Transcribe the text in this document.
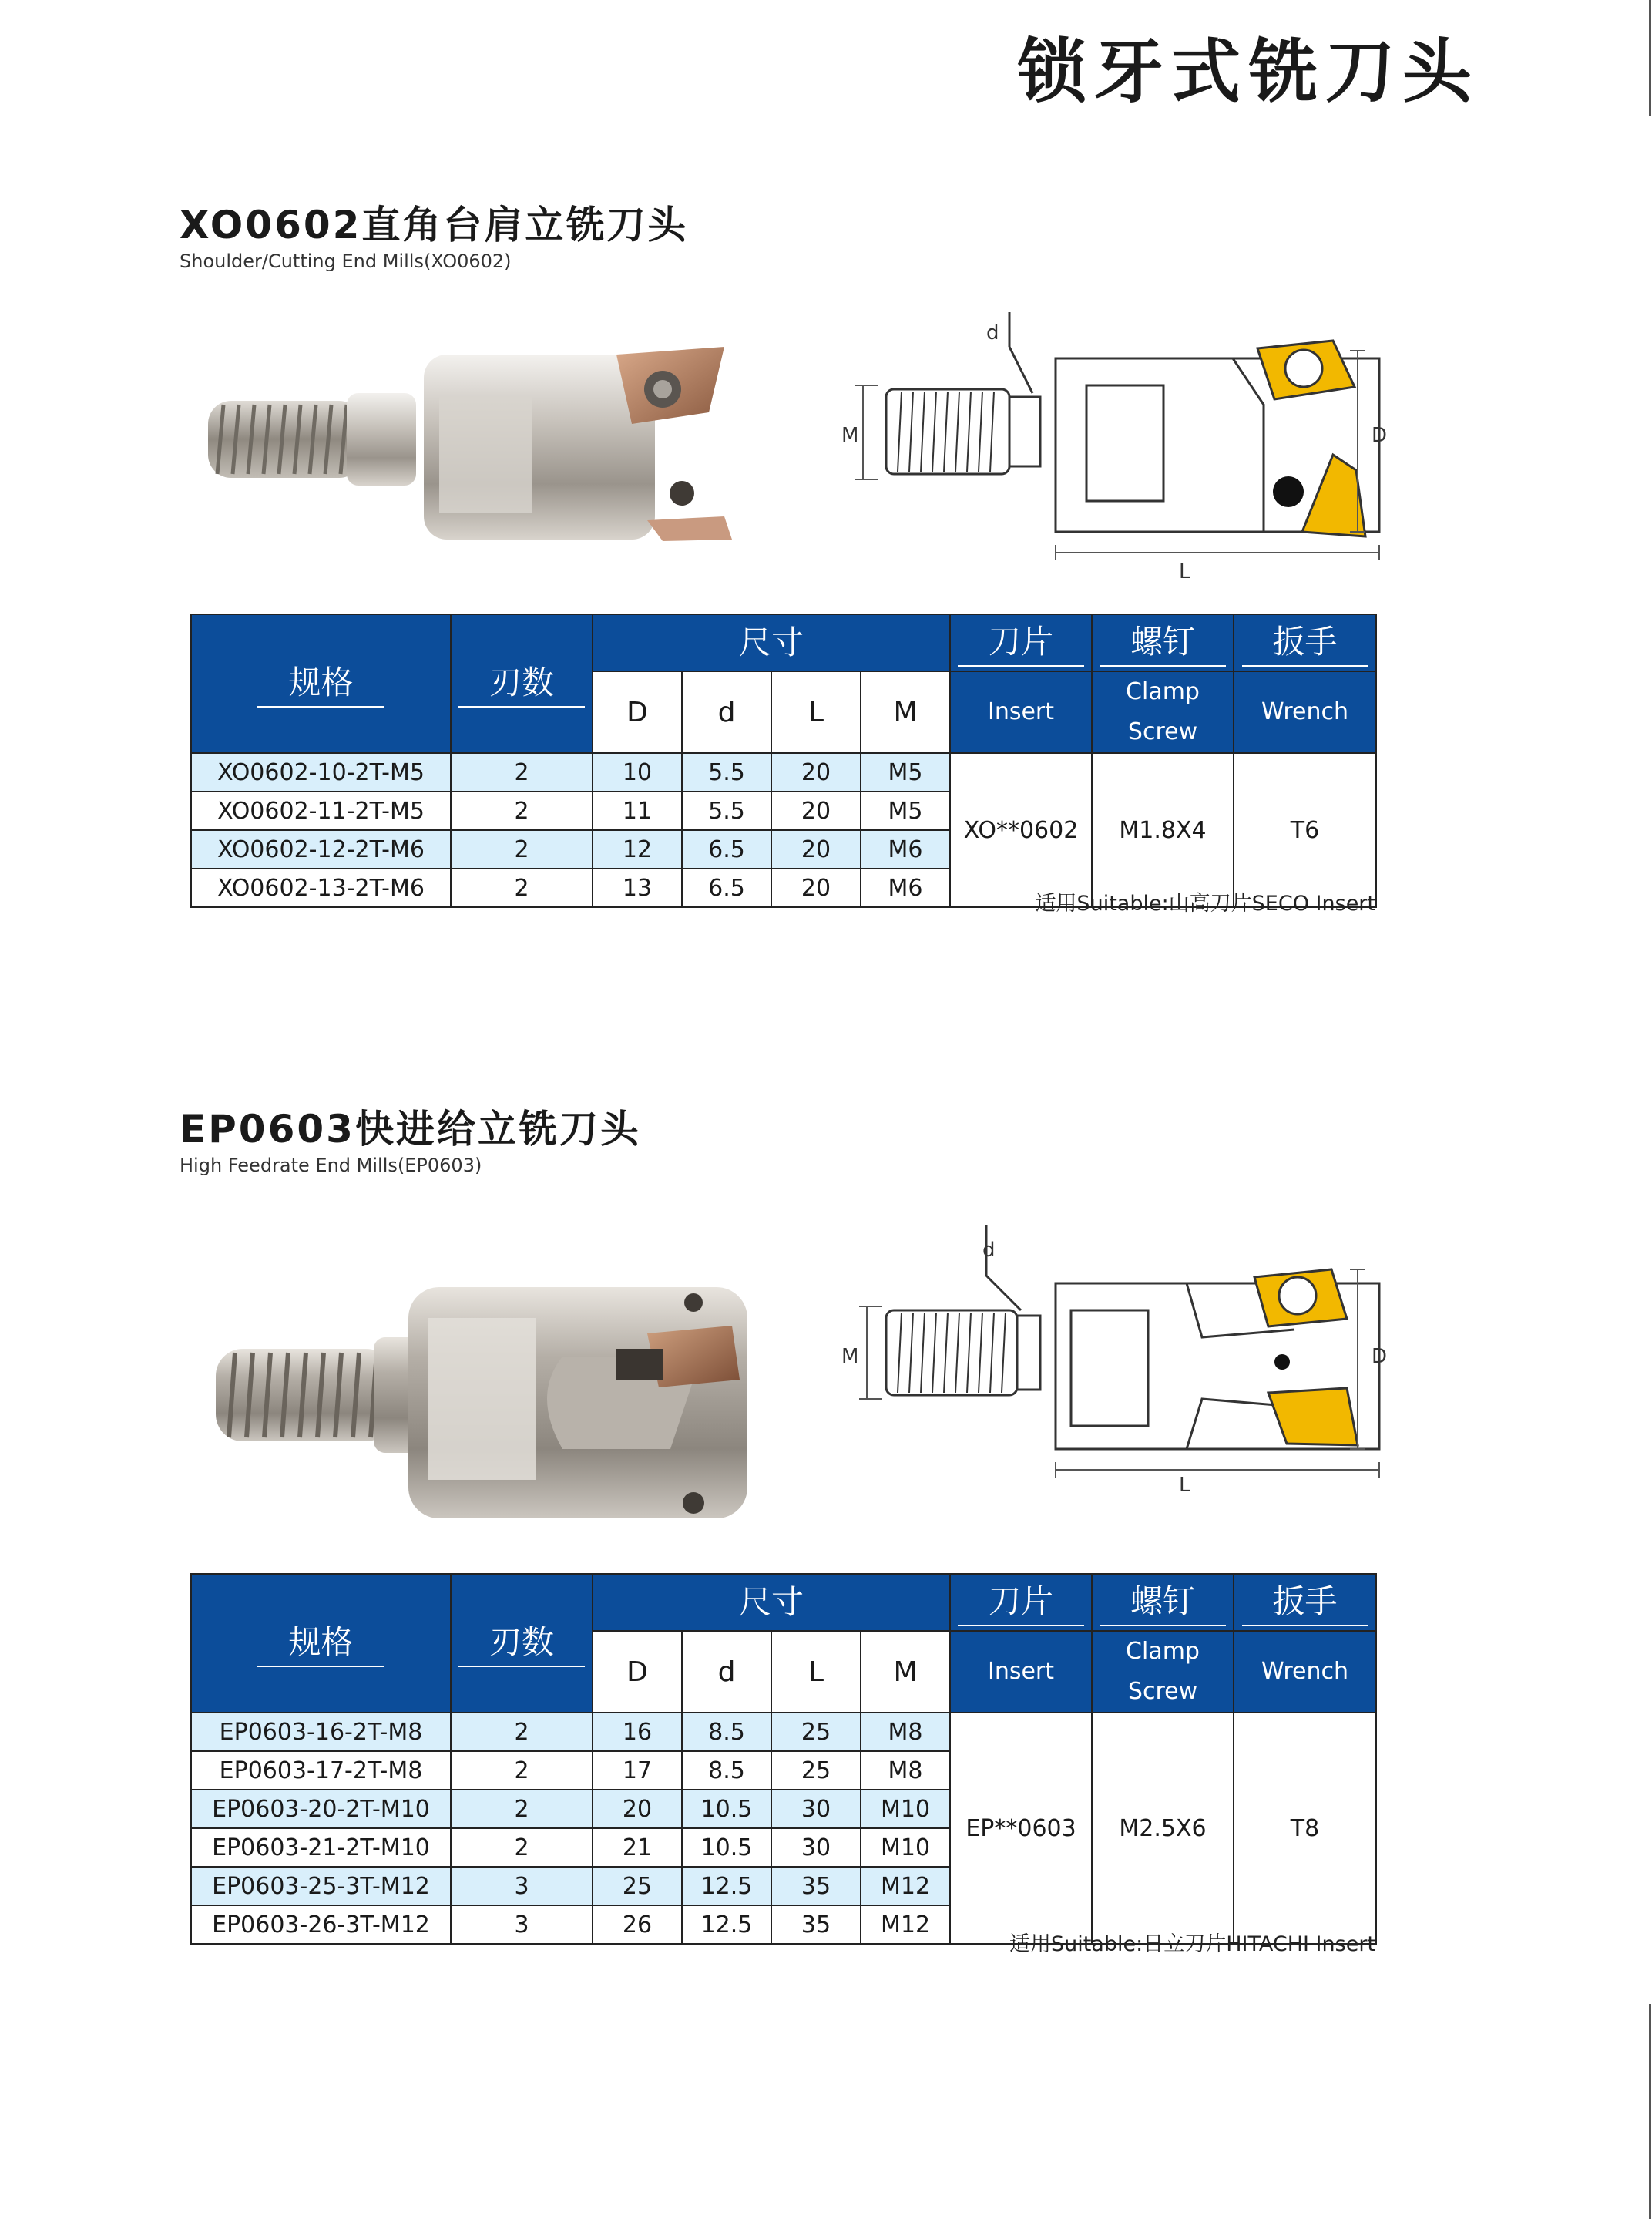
锁牙式铣刀头
XO0602直角台肩立铣刀头
Shoulder/Cutting End Mills(XO0602)
d
M	D
L
规格	刃数	尺寸				刀片	螺钉	扳手
		D	d	L	M	Insert	Clamp Screw	Wrench
XO0602-10-2T-M5	2	10	5.5	20	M5	XO**0602	M1.8X4	T6
XO0602-11-2T-M5	2	11	5.5	20	M5			
XO0602-12-2T-M6	2	12	6.5	20	M6			
XO0602-13-2T-M6	2	13	6.5	20	M6			
适用Suitable:山高刀片SECO Insert
EP0603快进给立铣刀头
High Feedrate End Mills(EP0603)
d
M	D
L
规格	刃数	尺寸				刀片	螺钉	扳手
		D	d	L	M	Insert	Clamp Screw	Wrench
EP0603-16-2T-M8	2	16	8.5	25	M8	EP**0603	M2.5X6	T8
EP0603-17-2T-M8	2	17	8.5	25	M8			
EP0603-20-2T-M10	2	20	10.5	30	M10			
EP0603-21-2T-M10	2	21	10.5	30	M10			
EP0603-25-3T-M12	3	25	12.5	35	M12			
EP0603-26-3T-M12	3	26	12.5	35	M12			
适用Suitable:日立刀片HITACHI Insert
